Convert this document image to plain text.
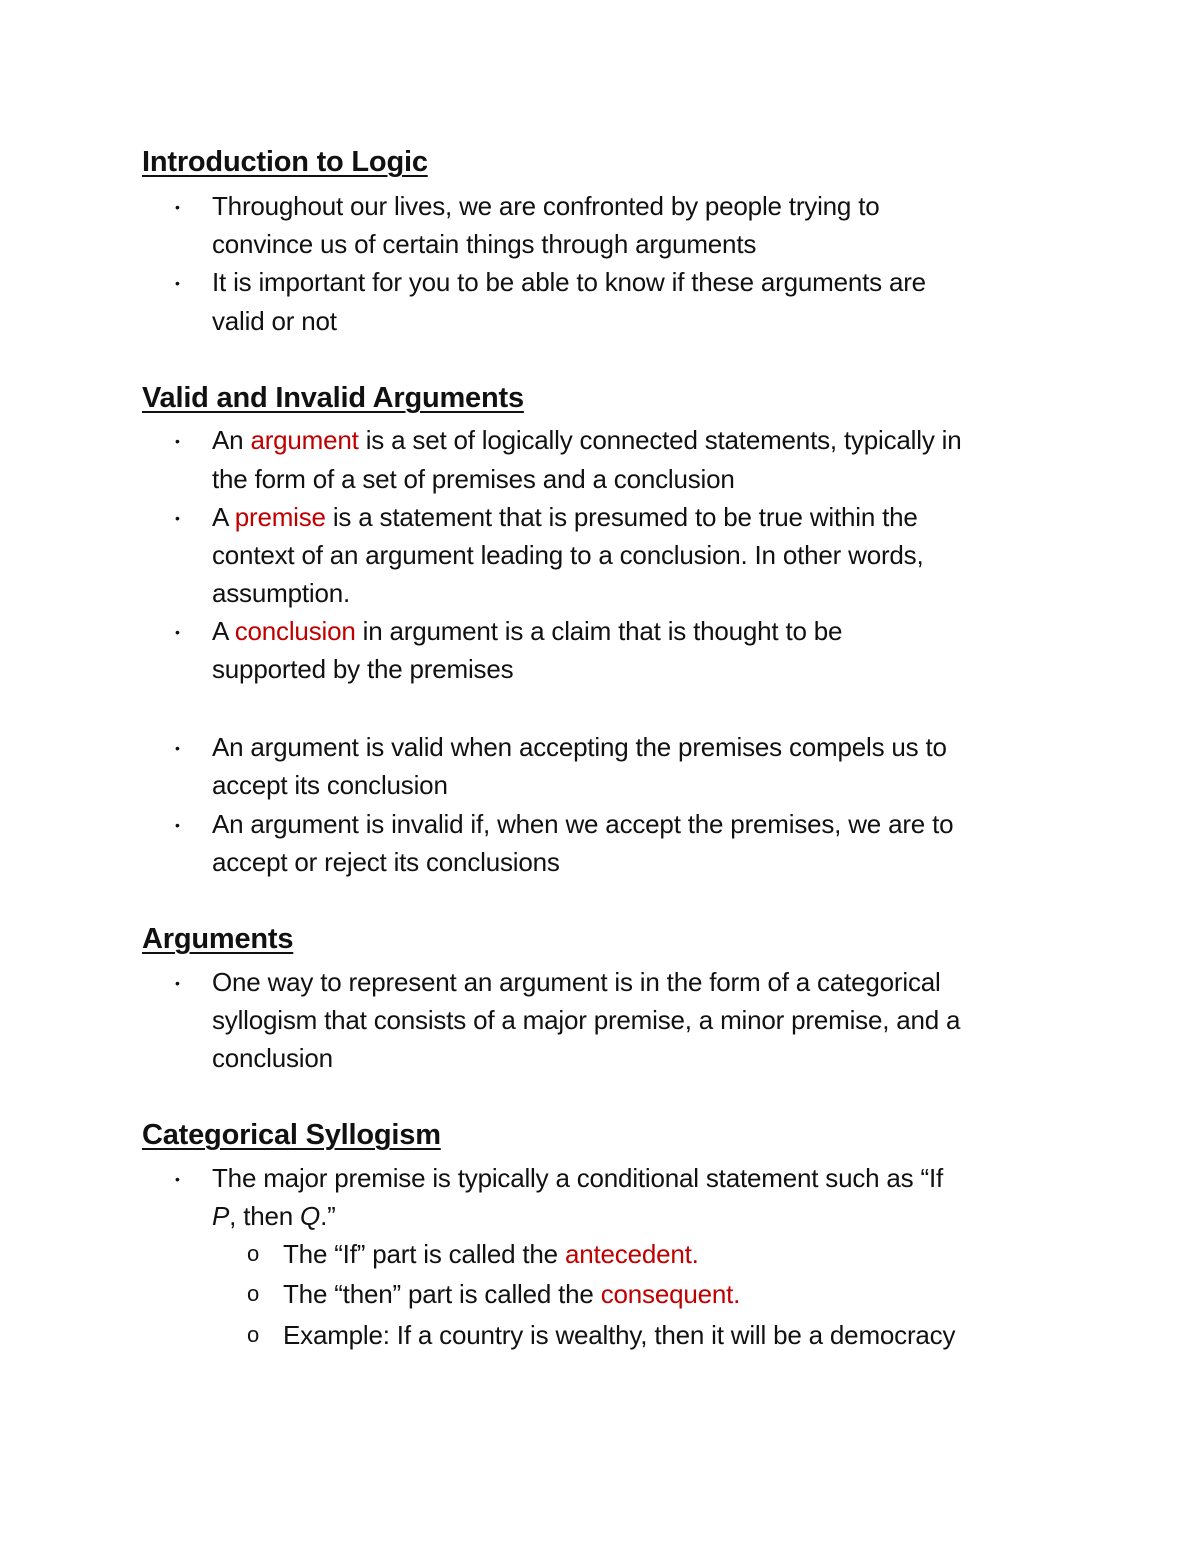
Introduction to Logic
• Throughout our lives, we are confronted by people trying to
convince us of certain things through arguments
• It is important for you to be able to know if these arguments are
valid or not
Valid and Invalid Arguments
• An argument is a set of logically connected statements, typically in
the form of a set of premises and a conclusion
• A premise is a statement that is presumed to be true within the
context of an argument leading to a conclusion. In other words,
assumption.
• A conclusion in argument is a claim that is thought to be
supported by the premises
• An argument is valid when accepting the premises compels us to
accept its conclusion
• An argument is invalid if, when we accept the premises, we are to
accept or reject its conclusions
Arguments
• One way to represent an argument is in the form of a categorical
syllogism that consists of a major premise, a minor premise, and a
conclusion
Categorical Syllogism
• The major premise is typically a conditional statement such as “If
P, then Q.”
o The “If” part is called the antecedent.
o The “then” part is called the consequent.
o Example: If a country is wealthy, then it will be a democracy
